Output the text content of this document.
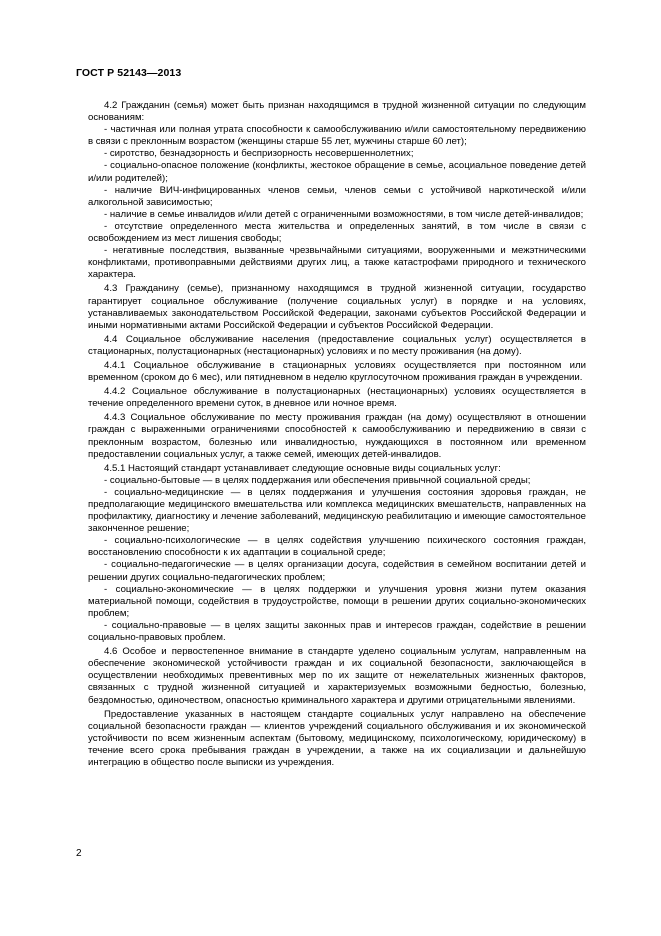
ГОСТ Р 52143—2013

4.2 Гражданин (семья) может быть признан находящимся в трудной жизненной ситуации по следующим основаниям:

- частичная или полная утрата способности к самообслуживанию и/или самостоятельному передвижению в связи с преклонным возрастом (женщины старше 55 лет, мужчины старше 60 лет);

- сиротство, безнадзорность и беспризорность несовершеннолетних;

- социально-опасное положение (конфликты, жестокое обращение в семье, асоциальное поведение детей и/или родителей);

- наличие ВИЧ-инфицированных членов семьи, членов семьи с устойчивой наркотической и/или алкогольной зависимостью;

- наличие в семье инвалидов и/или детей с ограниченными возможностями, в том числе детей-инвалидов;

- отсутствие определенного места жительства и определенных занятий, в том числе в связи с освобождением из мест лишения свободы;

- негативные последствия, вызванные чрезвычайными ситуациями, вооруженными и межэтническими конфликтами, противоправными действиями других лиц, а также катастрофами природного и технического характера.

4.3 Гражданину (семье), признанному находящимся в трудной жизненной ситуации, государство гарантирует социальное обслуживание (получение социальных услуг) в порядке и на условиях, устанавливаемых законодательством Российской Федерации, законами субъектов Российской Федерации и иными нормативными актами Российской Федерации и субъектов Российской Федерации.

4.4 Социальное обслуживание населения (предоставление социальных услуг) осуществляется в стационарных, полустационарных (нестационарных) условиях и по месту проживания (на дому).

4.4.1 Социальное обслуживание в стационарных условиях осуществляется при постоянном или временном (сроком до 6 мес), или пятидневном в неделю круглосуточном проживания граждан в учреждении.

4.4.2 Социальное обслуживание в полустационарных (нестационарных) условиях осуществляется в течение определенного времени суток, в дневное или ночное время.

4.4.3 Социальное обслуживание по месту проживания граждан (на дому) осуществляют в отношении граждан с выраженными ограничениями способностей к самообслуживанию и передвижению в связи с преклонным возрастом, болезнью или инвалидностью, нуждающихся в постоянном или временном предоставлении социальных услуг, а также семей, имеющих детей-инвалидов.

4.5.1 Настоящий стандарт устанавливает следующие основные виды социальных услуг:

- социально-бытовые — в целях поддержания или обеспечения привычной социальной среды;

- социально-медицинские — в целях поддержания и улучшения состояния здоровья граждан, не предполагающие медицинского вмешательства или комплекса медицинских вмешательств, направленных на профилактику, диагностику и лечение заболеваний, медицинскую реабилитацию и имеющие самостоятельное законченное решение;

- социально-психологические — в целях содействия улучшению психического состояния граждан, восстановлению способности к их адаптации в социальной среде;

- социально-педагогические — в целях организации досуга, содействия в семейном воспитании детей и решении других социально-педагогических проблем;

- социально-экономические — в целях поддержки и улучшения уровня жизни путем оказания материальной помощи, содействия в трудоустройстве, помощи в решении других социально-экономических проблем;

- социально-правовые — в целях защиты законных прав и интересов граждан, содействие в решении социально-правовых проблем.

4.6 Особое и первостепенное внимание в стандарте уделено социальным услугам, направленным на обеспечение экономической устойчивости граждан и их социальной безопасности, заключающейся в осуществлении необходимых превентивных мер по их защите от нежелательных жизненных факторов, связанных с трудной жизненной ситуацией и характеризуемых возможными бедностью, болезнью, бездомностью, одиночеством, опасностью криминального характера и другими отрицательными явлениями.

Предоставление указанных в настоящем стандарте социальных услуг направлено на обеспечение социальной безопасности граждан — клиентов учреждений социального обслуживания и их экономической устойчивости по всем жизненным аспектам (бытовому, медицинскому, психологическому, юридическому) в течение всего срока пребывания граждан в учреждении, а также на их социализации и дальнейшую интеграцию в общество после выписки из учреждения.

2
